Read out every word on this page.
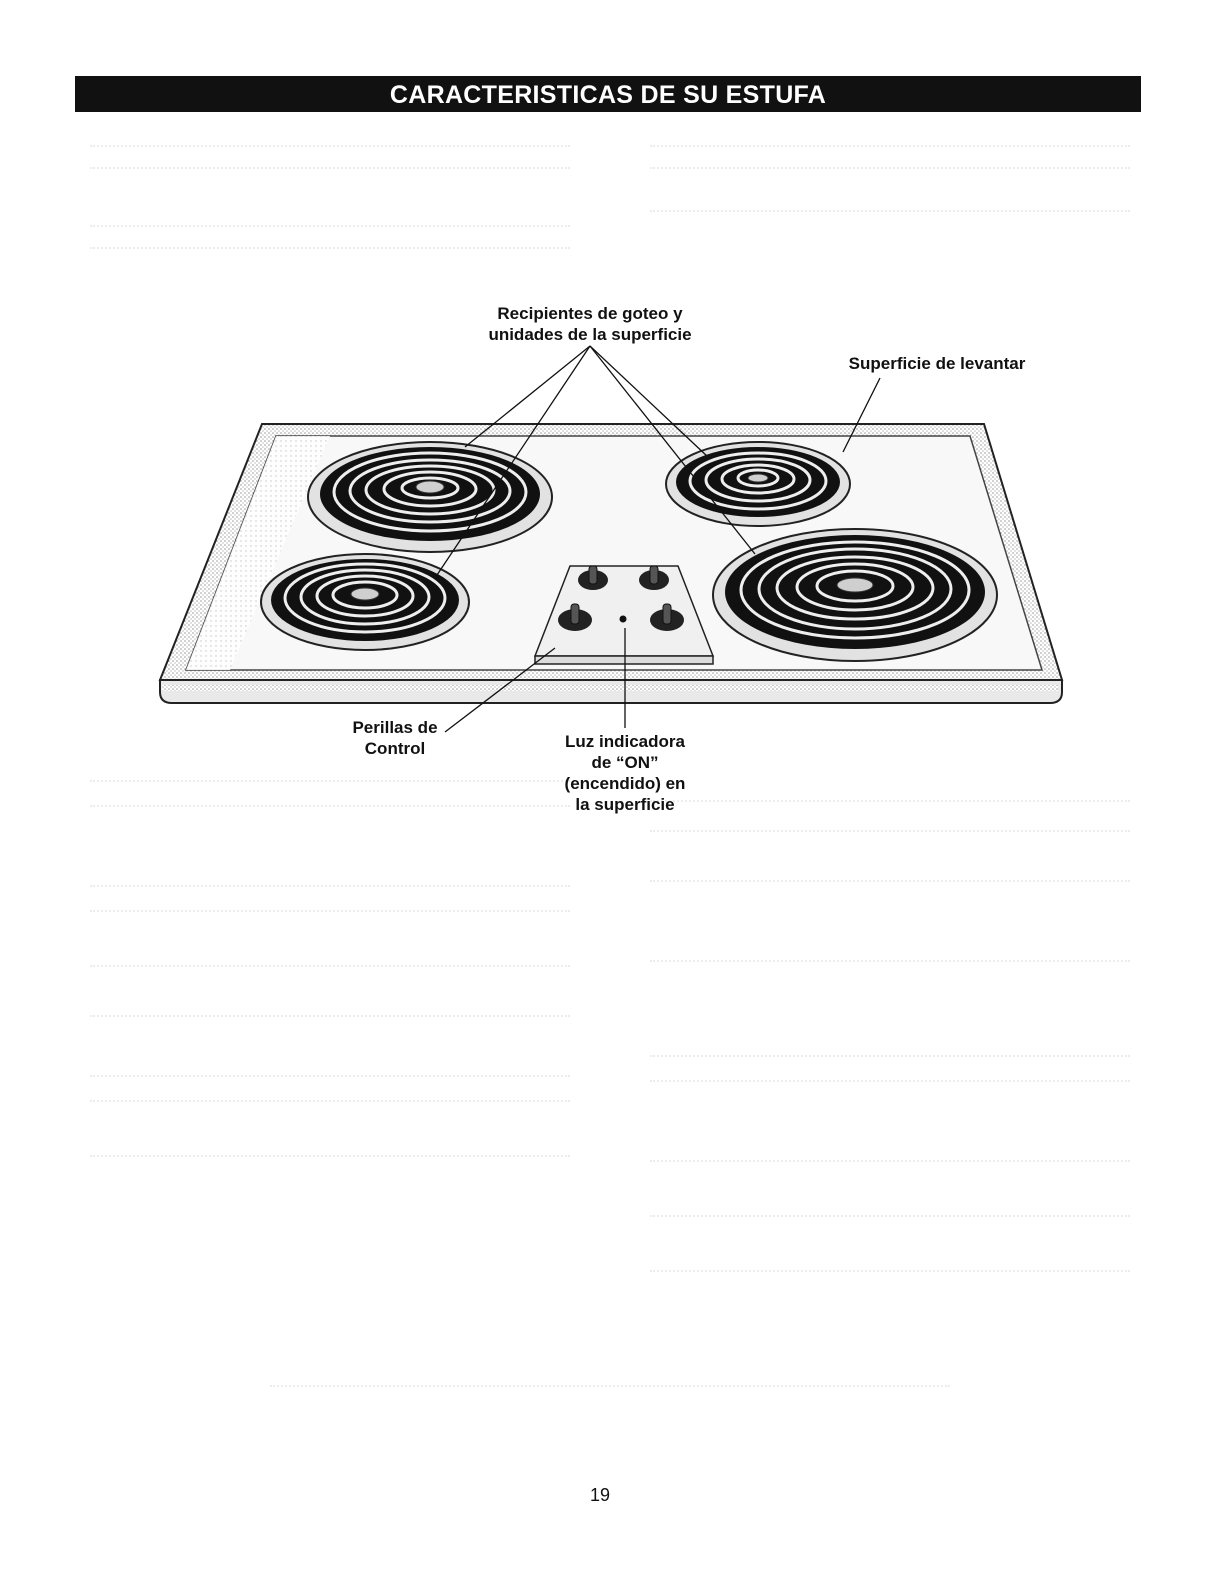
CARACTERISTICAS DE SU ESTUFA
Recipientes de goteo y
unidades de la superficie
Superficie de levantar
Perillas de
Control	Luz indicadora
de “ON”
(encendido) en
la superficie
19
